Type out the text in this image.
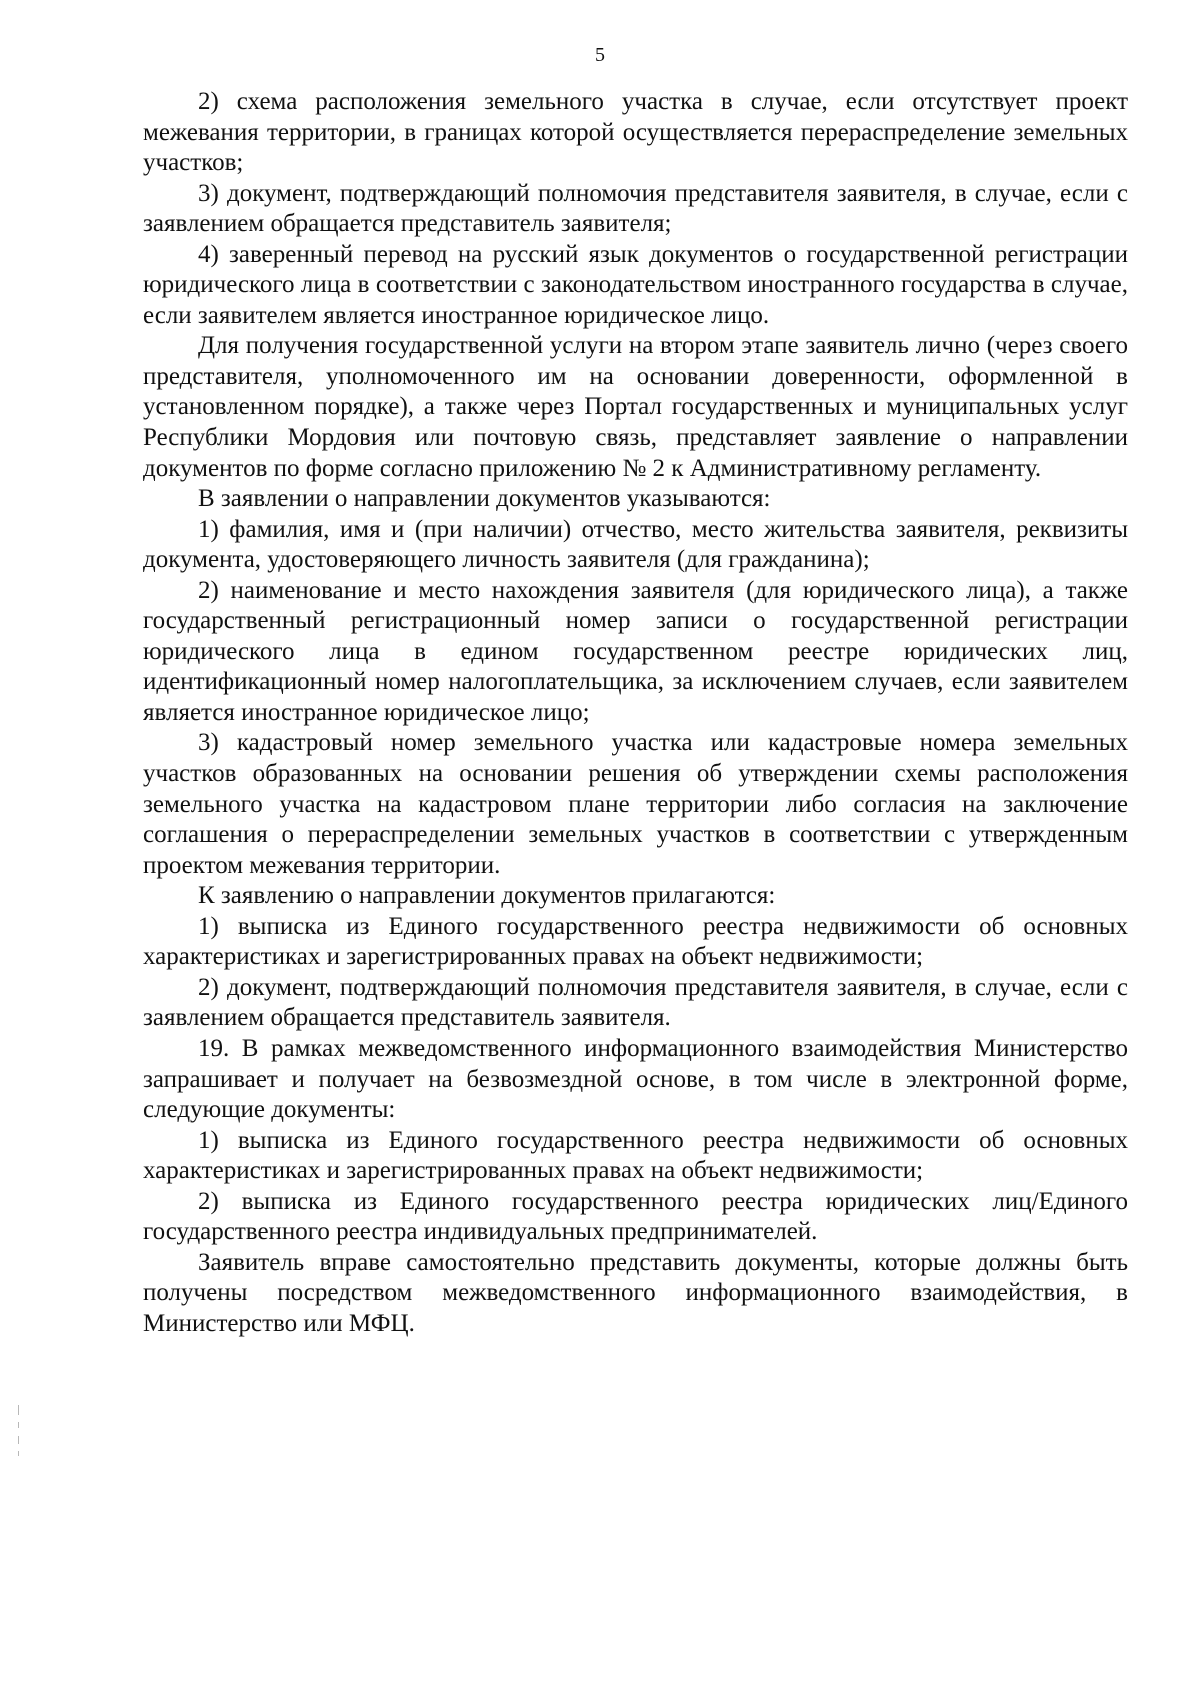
5

2) схема расположения земельного участка в случае, если отсутствует проект межевания территории, в границах которой осуществляется перераспределение земельных участков;

3) документ, подтверждающий полномочия представителя заявителя, в случае, если с заявлением обращается представитель заявителя;

4) заверенный перевод на русский язык документов о государственной регистрации юридического лица в соответствии с законодательством иностранного государства в случае, если заявителем является иностранное юридическое лицо.

Для получения государственной услуги на втором этапе заявитель лично (через своего представителя, уполномоченного им на основании доверенности, оформленной в установленном порядке), а также через Портал государственных и муниципальных услуг Республики Мордовия или почтовую связь, представляет заявление о направлении документов по форме согласно приложению № 2 к Административному регламенту.

В заявлении о направлении документов указываются:

1) фамилия, имя и (при наличии) отчество, место жительства заявителя, реквизиты документа, удостоверяющего личность заявителя (для гражданина);

2) наименование и место нахождения заявителя (для юридического лица), а также государственный регистрационный номер записи о государственной регистрации юридического лица в едином государственном реестре юридических лиц, идентификационный номер налогоплательщика, за исключением случаев, если заявителем является иностранное юридическое лицо;

3) кадастровый номер земельного участка или кадастровые номера земельных участков образованных на основании решения об утверждении схемы расположения земельного участка на кадастровом плане территории либо согласия на заключение соглашения о перераспределении земельных участков в соответствии с утвержденным проектом межевания территории.

К заявлению о направлении документов прилагаются:

1) выписка из Единого государственного реестра недвижимости об основных характеристиках и зарегистрированных правах на объект недвижимости;

2) документ, подтверждающий полномочия представителя заявителя, в случае, если с заявлением обращается представитель заявителя.

19. В рамках межведомственного информационного взаимодействия Министерство запрашивает и получает на безвозмездной основе, в том числе в электронной форме, следующие документы:

1) выписка из Единого государственного реестра недвижимости об основных характеристиках и зарегистрированных правах на объект недвижимости;

2) выписка из Единого государственного реестра юридических лиц/Единого государственного реестра индивидуальных предпринимателей.

Заявитель вправе самостоятельно представить документы, которые должны быть получены посредством межведомственного информационного взаимодействия, в Министерство или МФЦ.
